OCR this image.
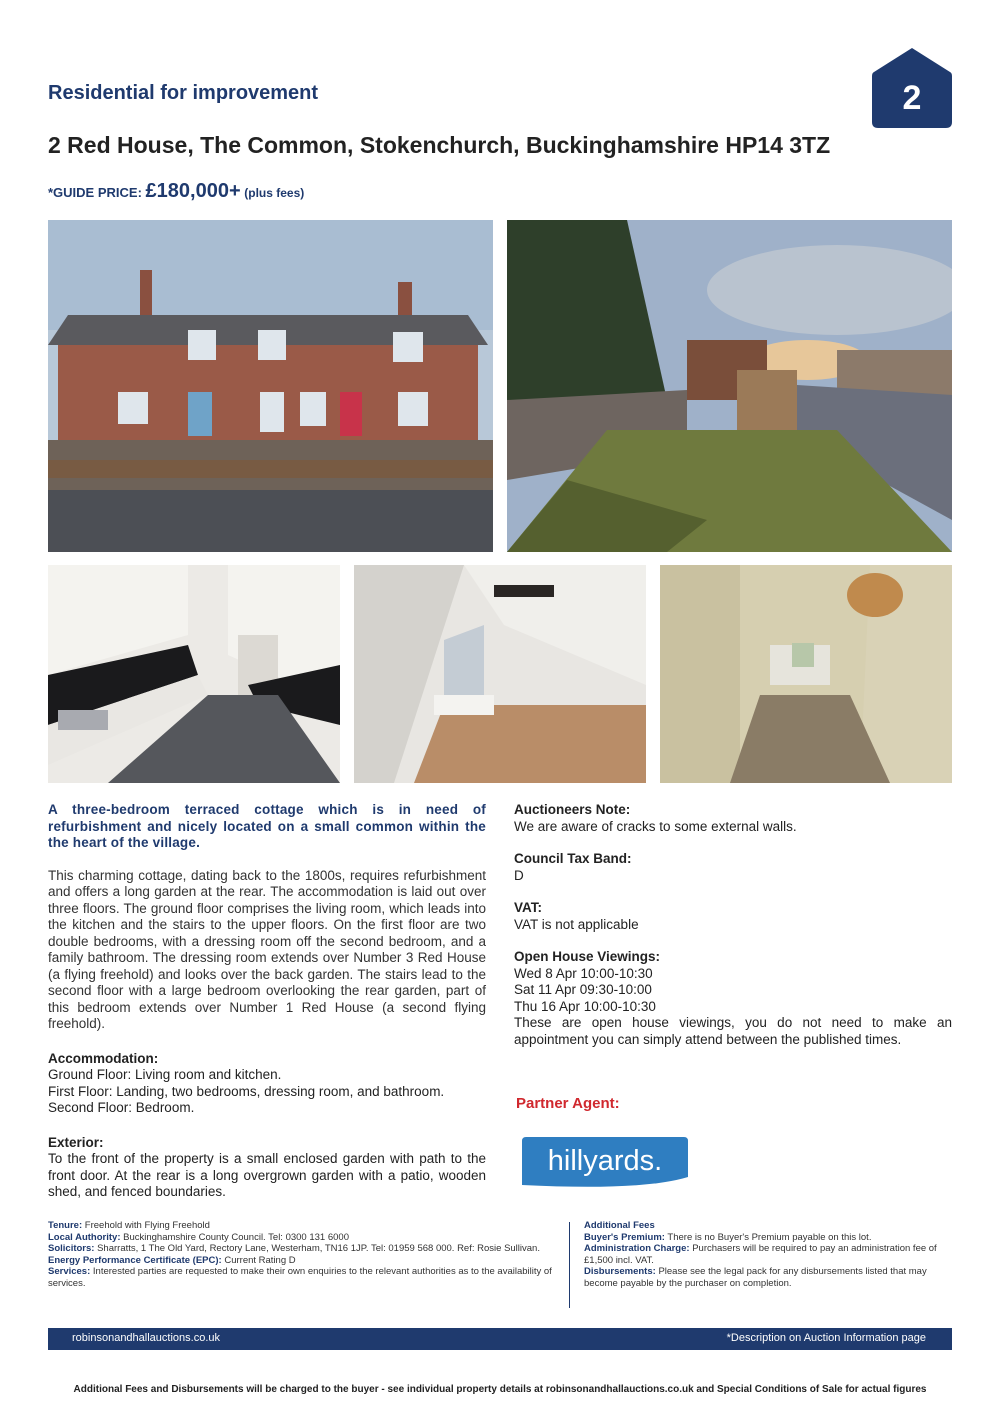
Residential for improvement	2
2 Red House, The Common, Stokenchurch, Buckinghamshire HP14 3TZ
*GUIDE PRICE: £180,000+ (plus fees)
A three-bedroom terraced cottage which is in need of refurbishment and nicely located on a small common within the the heart of the village.
This charming cottage, dating back to the 1800s, requires refurbishment and offers a long garden at the rear. The accommodation is laid out over three floors. The ground floor comprises the living room, which leads into the kitchen and the stairs to the upper floors. On the first floor are two double bedrooms, with a dressing room off the second bedroom, and a family bathroom. The dressing room extends over Number 3 Red House (a flying freehold) and looks over the back garden. The stairs lead to the second floor with a large bedroom overlooking the rear garden, part of this bedroom extends over Number 1 Red House (a second flying freehold).
Accommodation:
Ground Floor: Living room and kitchen.
First Floor: Landing, two bedrooms, dressing room, and bathroom.
Second Floor: Bedroom.
Exterior:
To the front of the property is a small enclosed garden with path to the front door. At the rear is a long overgrown garden with a patio, wooden shed, and fenced boundaries.
Auctioneers Note:
We are aware of cracks to some external walls.
Council Tax Band:
D
VAT:
VAT is not applicable
Open House Viewings:
Wed 8 Apr 10:00-10:30
Sat 11 Apr 09:30-10:00
Thu 16 Apr 10:00-10:30
These are open house viewings, you do not need to make an appointment you can simply attend between the published times.
Partner Agent:
hillyards.
Tenure: Freehold with Flying Freehold
Local Authority: Buckinghamshire County Council. Tel: 0300 131 6000
Solicitors: Sharratts, 1 The Old Yard, Rectory Lane, Westerham, TN16 1JP. Tel: 01959 568 000. Ref: Rosie Sullivan.
Energy Performance Certificate (EPC): Current Rating D
Services: Interested parties are requested to make their own enquiries to the relevant authorities as to the availability of services.
Additional Fees
Buyer's Premium: There is no Buyer's Premium payable on this lot.
Administration Charge: Purchasers will be required to pay an administration fee of £1,500 incl. VAT.
Disbursements: Please see the legal pack for any disbursements listed that may become payable by the purchaser on completion.
robinsonandhallauctions.co.uk	*Description on Auction Information page
Additional Fees and Disbursements will be charged to the buyer - see individual property details at robinsonandhallauctions.co.uk and Special Conditions of Sale for actual figures
